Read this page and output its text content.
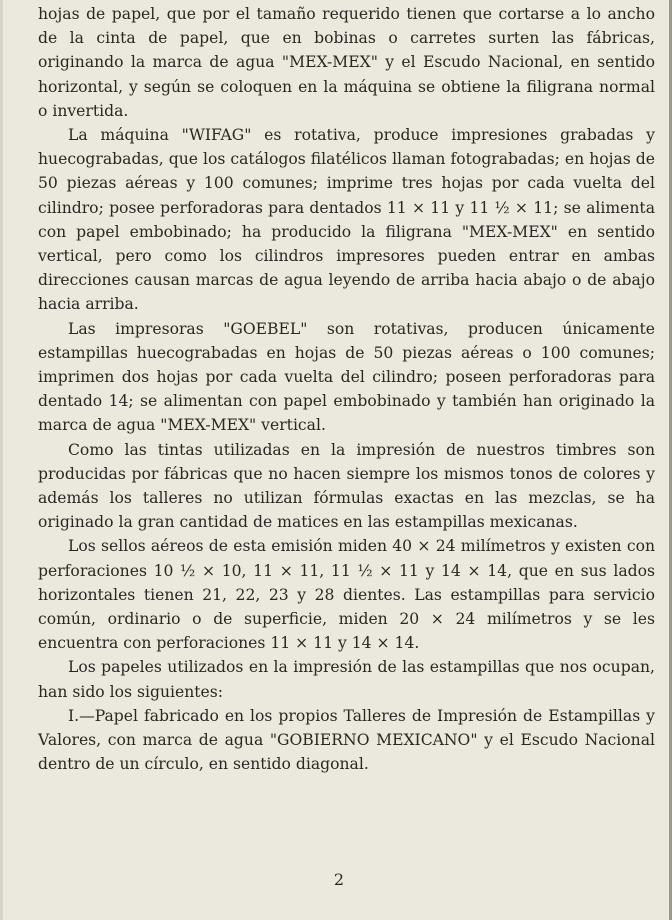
hojas de papel, que por el tamaño requerido tienen que cortarse a lo ancho de la cinta de papel, que en bobinas o carretes surten las fábricas, originando la marca de agua "MEX-MEX" y el Escudo Nacional, en sentido horizontal, y según se coloquen en la máquina se obtiene la filigrana normal o invertida.

La máquina "WIFAG" es rotativa, produce impresiones grabadas y huecograbadas, que los catálogos filatélicos llaman fotograbadas; en hojas de 50 piezas aéreas y 100 comunes; imprime tres hojas por cada vuelta del cilindro; posee perforadoras para dentados 11 × 11 y 11 ½ × 11; se alimenta con papel embobinado; ha producido la filigrana "MEX-MEX" en sentido vertical, pero como los cilindros impresores pueden entrar en ambas direcciones causan marcas de agua leyendo de arriba hacia abajo o de abajo hacia arriba.

Las impresoras "GOEBEL" son rotativas, producen únicamente estampillas huecograbadas en hojas de 50 piezas aéreas o 100 comunes; imprimen dos hojas por cada vuelta del cilindro; poseen perforadoras para dentado 14; se alimentan con papel embobinado y también han originado la marca de agua "MEX-MEX" vertical.

Como las tintas utilizadas en la impresión de nuestros timbres son producidas por fábricas que no hacen siempre los mismos tonos de colores y además los talleres no utilizan fórmulas exactas en las mezclas, se ha originado la gran cantidad de matices en las estampillas mexicanas.

Los sellos aéreos de esta emisión miden 40 × 24 milímetros y existen con perforaciones 10 ½ × 10, 11 × 11, 11 ½ × 11 y 14 × 14, que en sus lados horizontales tienen 21, 22, 23 y 28 dientes. Las estampillas para servicio común, ordinario o de superficie, miden 20 × 24 milímetros y se les encuentra con perforaciones 11 × 11 y 14 × 14.

Los papeles utilizados en la impresión de las estampillas que nos ocupan, han sido los siguientes:

I.—Papel fabricado en los propios Talleres de Impresión de Estampillas y Valores, con marca de agua "GOBIERNO MEXICANO" y el Escudo Nacional dentro de un círculo, en sentido diagonal.

2
